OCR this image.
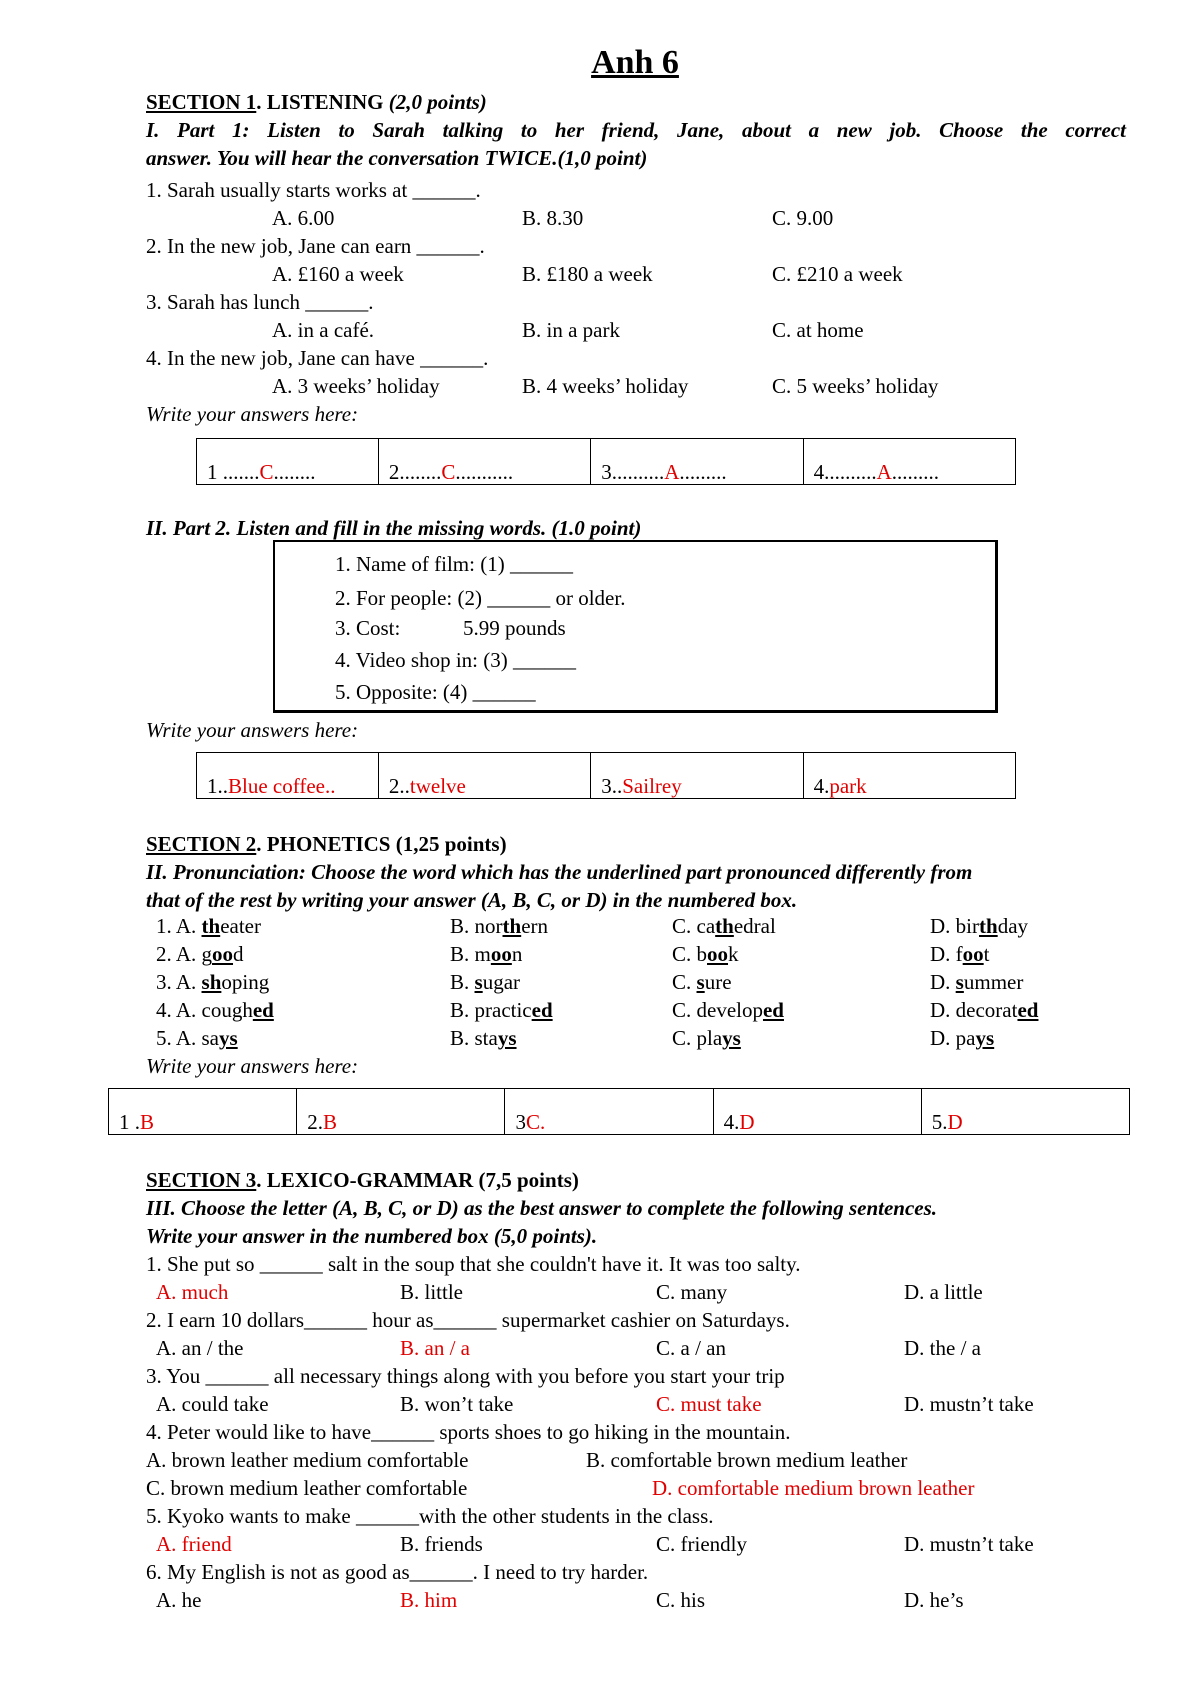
Anh 6
SECTION 1. LISTENING (2,0 points)
I. Part 1: Listen to Sarah talking to her friend, Jane, about a new job. Choose the correct
answer. You will hear the conversation TWICE.(1,0 point)
1. Sarah usually starts works at ______.
A. 6.00	B. 8.30	C. 9.00
2. In the new job, Jane can earn ______.
A. £160 a week	B. £180 a week	C. £210 a week
3. Sarah has lunch ______.
A. in a café.	B. in a park	C. at home
4. In the new job, Jane can have ______.
A. 3 weeks’ holiday	B. 4 weeks’ holiday	C. 5 weeks’ holiday
Write your answers here:
1 .......C........	2........C...........	3..........A.........	4..........A.........
II. Part 2. Listen and fill in the missing words. (1.0 point)
1. Name of film: (1) ______
2. For people: (2) ______ or older.
3. Cost:	5.99 pounds
4. Video shop in: (3) ______
5. Opposite: (4) ______
Write your answers here:
1..Blue coffee..	2..twelve	3..Sailrey	4.park
SECTION 2. PHONETICS (1,25 points)
II. Pronunciation: Choose the word which has the underlined part pronounced differently from
that of the rest by writing your answer (A, B, C, or D) in the numbered box.
1. A. theater	B. northern	C. cathedral	D. birthday
2. A. good	B. moon	C. book	D. foot
3. A. shoping	B. sugar	C. sure	D. summer
4. A. coughed	B. practiced	C. developed	D. decorated
5. A. says	B. stays	C. plays	D. pays
Write your answers here:
1 .B	2.B	3C.	4.D	5.D
SECTION 3. LEXICO-GRAMMAR (7,5 points)
III. Choose the letter (A, B, C, or D) as the best answer to complete the following sentences.
Write your answer in the numbered box (5,0 points).
1. She put so ______ salt in the soup that she couldn't have it. It was too salty.
A. much	B. little	C. many	D. a little
2. I earn 10 dollars______ hour as______ supermarket cashier on Saturdays.
A. an / the	B. an / a	C. a / an	D. the / a
3. You ______ all necessary things along with you before you start your trip
A. could take	B. won’t take	C. must take	D. mustn’t take
4. Peter would like to have______ sports shoes to go hiking in the mountain.
A. brown leather medium comfortable	B. comfortable brown medium leather
C. brown medium leather comfortable	D. comfortable medium brown leather
5. Kyoko wants to make ______with the other students in the class.
A. friend	B. friends	C. friendly	D. mustn’t take
6. My English is not as good as______. I need to try harder.
A. he	B. him	C. his	D. he’s
